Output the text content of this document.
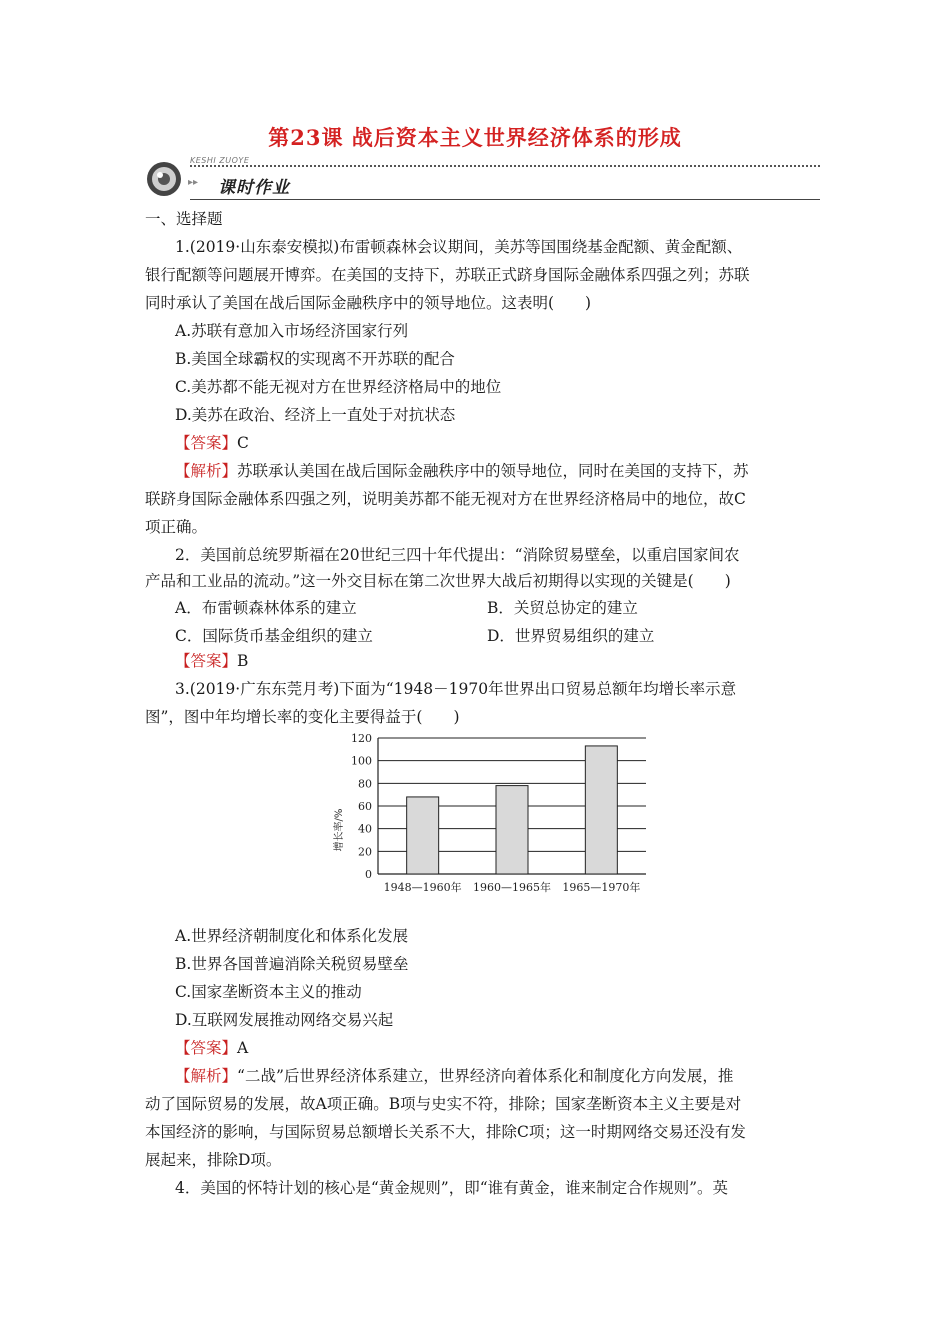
第23课 战后资本主义世界经济体系的形成
KESHI ZUOYE
▸▸ 课时作业
一、选择题
1.(2019·山东泰安模拟)布雷顿森林会议期间，美苏等国围绕基金配额、黄金配额、
银行配额等问题展开博弈。在美国的支持下，苏联正式跻身国际金融体系四强之列；苏联
同时承认了美国在战后国际金融秩序中的领导地位。这表明(　　)
A.苏联有意加入市场经济国家行列
B.美国全球霸权的实现离不开苏联的配合
C.美苏都不能无视对方在世界经济格局中的地位
D.美苏在政治、经济上一直处于对抗状态
【答案】C
【解析】苏联承认美国在战后国际金融秩序中的领导地位，同时在美国的支持下，苏
联跻身国际金融体系四强之列，说明美苏都不能无视对方在世界经济格局中的地位，故C
项正确。
2．美国前总统罗斯福在20世纪三四十年代提出：“消除贸易壁垒，以重启国家间农
产品和工业品的流动。”这一外交目标在第二次世界大战后初期得以实现的关键是(　　)
A．布雷顿森林体系的建立	B．关贸总协定的建立
C．国际货币基金组织的建立	D．世界贸易组织的建立
【答案】B
3.(2019·广东东莞月考)下面为“1948－1970年世界出口贸易总额年均增长率示意
图”，图中年均增长率的变化主要得益于(　　)
增长率/%
0
20
40
60
80
100
120
1948—1960年 1960—1965年 1965—1970年
A.世界经济朝制度化和体系化发展
B.世界各国普遍消除关税贸易壁垒
C.国家垄断资本主义的推动
D.互联网发展推动网络交易兴起
【答案】A
【解析】“二战”后世界经济体系建立，世界经济向着体系化和制度化方向发展，推
动了国际贸易的发展，故A项正确。B项与史实不符，排除；国家垄断资本主义主要是对
本国经济的影响，与国际贸易总额增长关系不大，排除C项；这一时期网络交易还没有发
展起来，排除D项。
4．美国的怀特计划的核心是“黄金规则”，即“谁有黄金，谁来制定合作规则”。英
